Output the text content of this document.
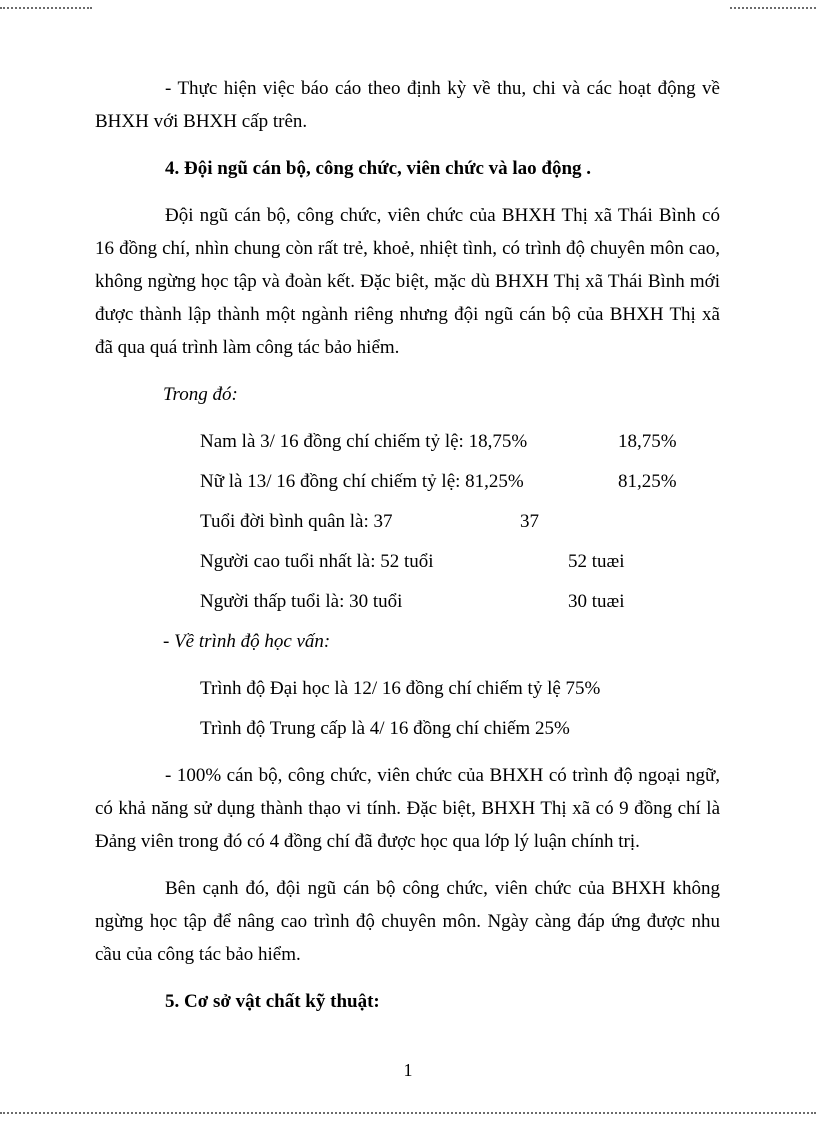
- Thực hiện việc báo cáo theo định kỳ về thu, chi và các hoạt động về BHXH với BHXH cấp trên.

4. Đội ngũ cán bộ, công chức, viên chức và lao động .

Đội ngũ cán bộ, công chức, viên chức của BHXH Thị xã Thái Bình có 16 đồng chí, nhìn chung còn rất trẻ, khoẻ, nhiệt tình, có trình độ chuyên môn cao, không ngừng học tập và đoàn kết. Đặc biệt, mặc dù BHXH Thị xã Thái Bình mới được thành lập thành một ngành riêng nhưng đội ngũ cán bộ của BHXH Thị xã đã qua quá trình làm công tác bảo hiểm.

Trong đó:

Nam là 3/ 16 đồng chí chiếm tỷ lệ: 18,75%	18,75%
Nữ là 13/ 16 đồng chí chiếm tỷ lệ: 81,25%	81,25%
Tuổi đời bình quân là: 37	37
Người cao tuổi nhất là: 52 tuổi	52 tuæi
Người thấp tuổi là: 30 tuổi	30 tuæi

- Về trình độ học vấn:

Trình độ Đại học là 12/ 16 đồng chí chiếm tỷ lệ 75%

Trình độ Trung cấp là 4/ 16 đồng chí chiếm 25%

- 100% cán bộ, công chức, viên chức của BHXH có trình độ ngoại ngữ, có khả năng sử dụng thành thạo vi tính. Đặc biệt, BHXH Thị xã có 9 đồng chí là Đảng viên trong đó có 4 đồng chí đã được học qua lớp lý luận chính trị.

Bên cạnh đó, đội ngũ cán bộ công chức, viên chức của BHXH không ngừng học tập để nâng cao trình độ chuyên môn. Ngày càng đáp ứng được nhu cầu của công tác bảo hiểm.

5. Cơ sở vật chất kỹ thuật:

1
